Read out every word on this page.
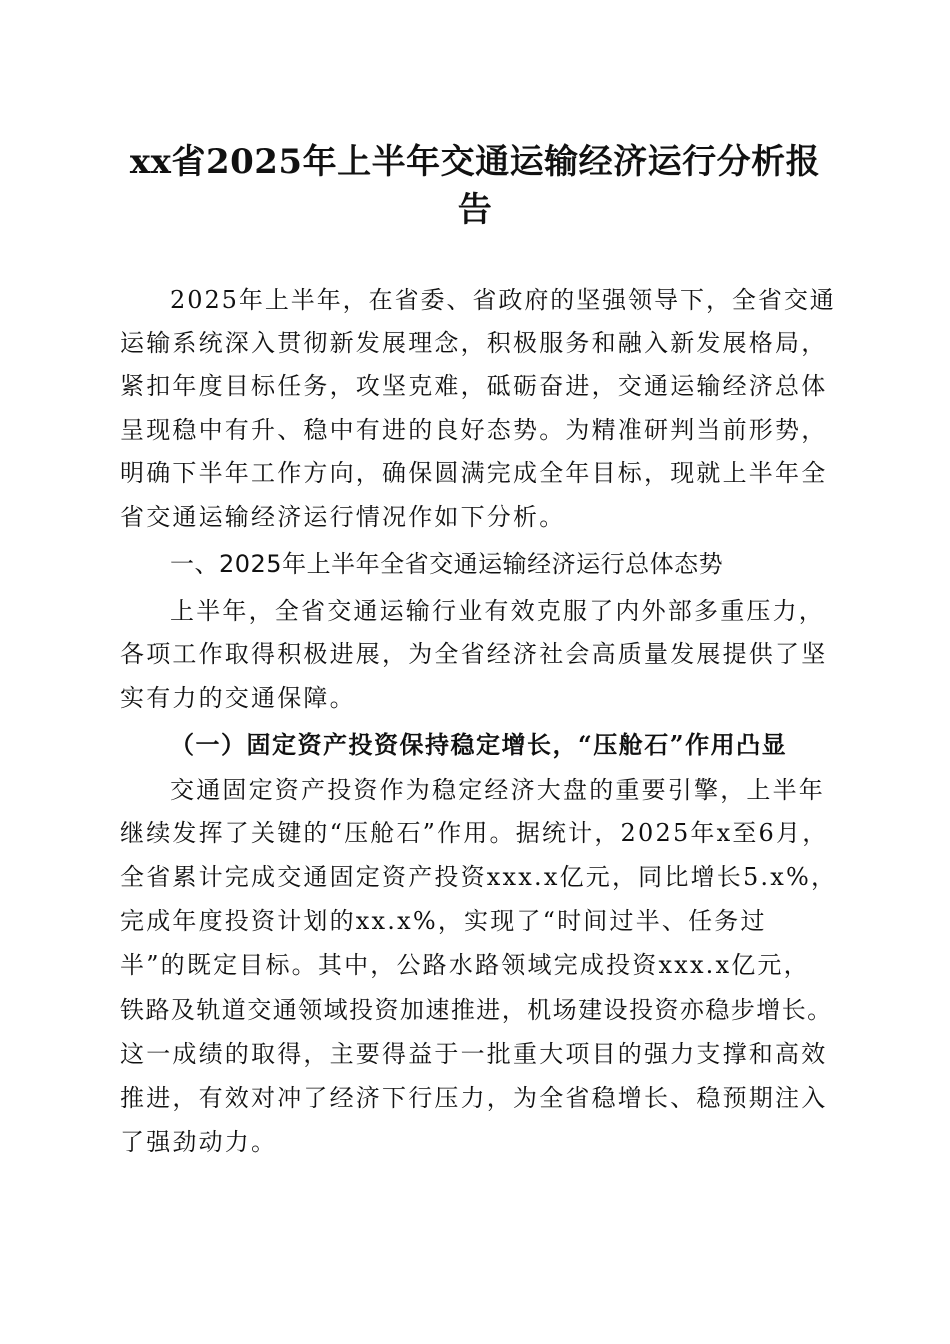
xx省2025年上半年交通运输经济运行分析报
告

2025年上半年，在省委、省政府的坚强领导下，全省交通

运输系统深入贯彻新发展理念，积极服务和融入新发展格局，

紧扣年度目标任务，攻坚克难，砥砺奋进，交通运输经济总体

呈现稳中有升、稳中有进的良好态势。为精准研判当前形势，

明确下半年工作方向，确保圆满完成全年目标，现就上半年全

省交通运输经济运行情况作如下分析。

一、2025年上半年全省交通运输经济运行总体态势

上半年，全省交通运输行业有效克服了内外部多重压力，

各项工作取得积极进展，为全省经济社会高质量发展提供了坚

实有力的交通保障。

（一）固定资产投资保持稳定增长，“压舱石”作用凸显

交通固定资产投资作为稳定经济大盘的重要引擎，上半年

继续发挥了关键的“压舱石”作用。据统计，2025年x至6月，

全省累计完成交通固定资产投资xxx.x亿元，同比增长5.x%，

完成年度投资计划的xx.x%，实现了“时间过半、任务过

半”的既定目标。其中，公路水路领域完成投资xxx.x亿元，

铁路及轨道交通领域投资加速推进，机场建设投资亦稳步增长。

这一成绩的取得，主要得益于一批重大项目的强力支撑和高效

推进，有效对冲了经济下行压力，为全省稳增长、稳预期注入

了强劲动力。
